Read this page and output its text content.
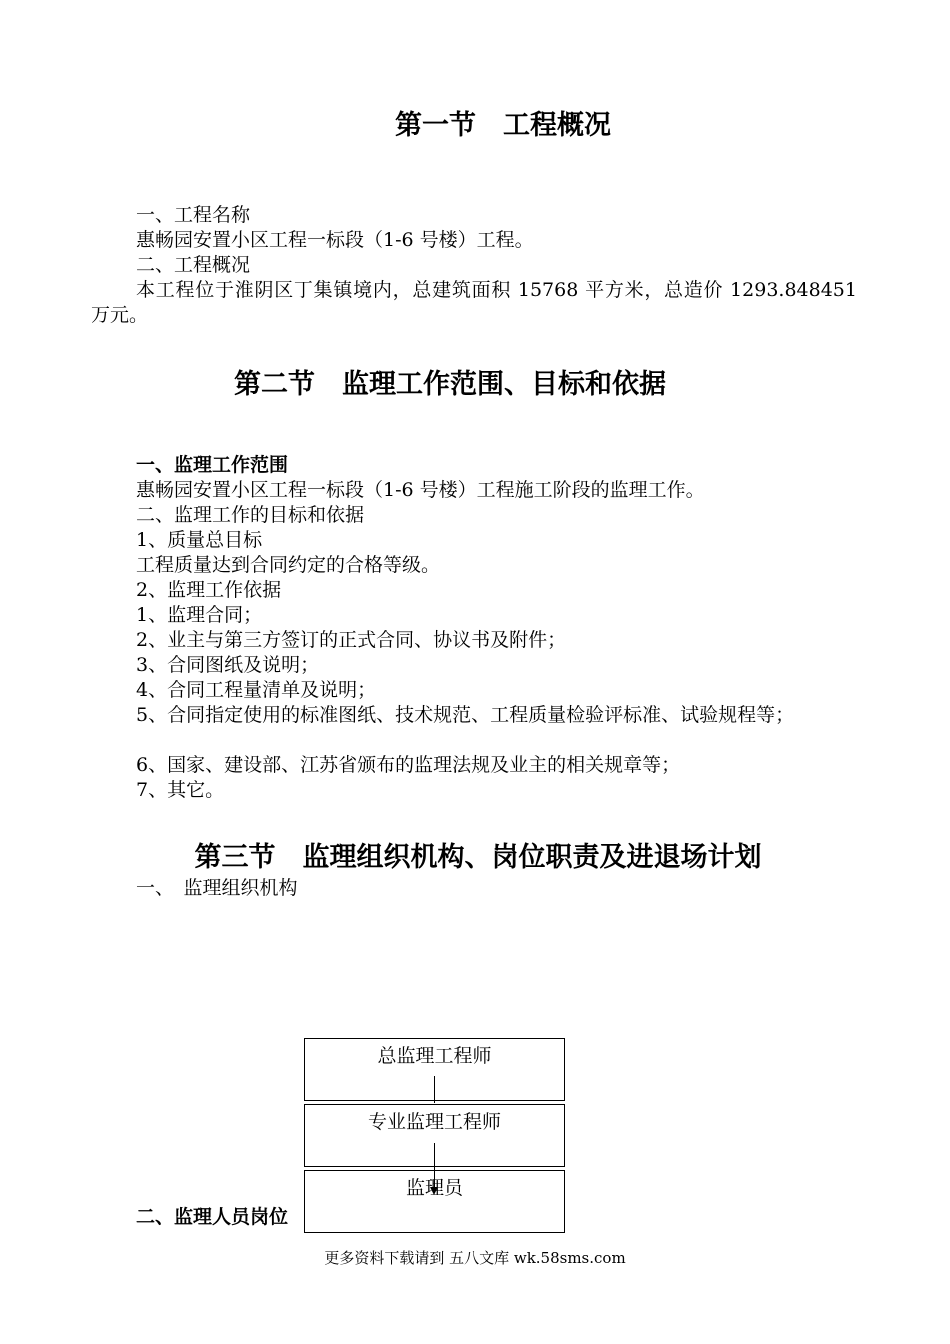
第一节　工程概况
一、工程名称
惠畅园安置小区工程一标段（1-6 号楼）工程。
二、工程概况
本工程位于淮阴区丁集镇境内，总建筑面积 15768 平方米，总造价 1293.848451 万元。
第二节　监理工作范围、目标和依据
一、监理工作范围
惠畅园安置小区工程一标段（1-6 号楼）工程施工阶段的监理工作。
二、监理工作的目标和依据
1、质量总目标
工程质量达到合同约定的合格等级。
2、监理工作依据
1、监理合同；
2、业主与第三方签订的正式合同、协议书及附件；
3、合同图纸及说明；
4、合同工程量清单及说明；
5、合同指定使用的标准图纸、技术规范、工程质量检验评标准、试验规程等；
6、国家、建设部、江苏省颁布的监理法规及业主的相关规章等；
7、其它。
第三节　监理组织机构、岗位职责及进退场计划
一、　监理组织机构
二、监理人员岗位
总监理工程师
专业监理工程师
监理员
更多资料下载请到 五八文库 wk.58sms.com
